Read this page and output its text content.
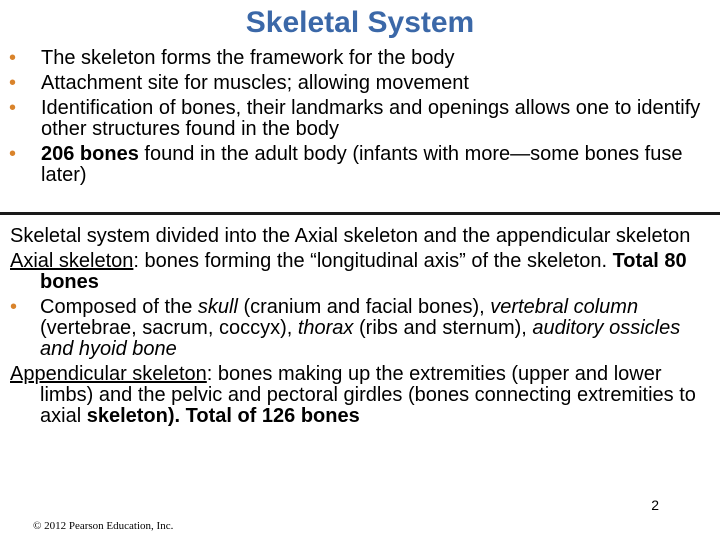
Skeletal System
• The skeleton forms the framework for the body
• Attachment site for muscles; allowing movement
• Identification of bones, their landmarks and openings allows one to identify other structures found in the body
• 206 bones found in the adult body (infants with more—some bones fuse later)

Skeletal system divided into the Axial skeleton and the appendicular skeleton

Axial skeleton: bones forming the “longitudinal axis” of the skeleton. Total 80 bones

• Composed of the skull (cranium and facial bones), vertebral column (vertebrae, sacrum, coccyx), thorax (ribs and sternum), auditory ossicles and hyoid bone

Appendicular skeleton: bones making up the extremities (upper and lower limbs) and the pelvic and pectoral girdles (bones connecting extremities to axial skeleton). Total of 126 bones

2
© 2012 Pearson Education, Inc.
